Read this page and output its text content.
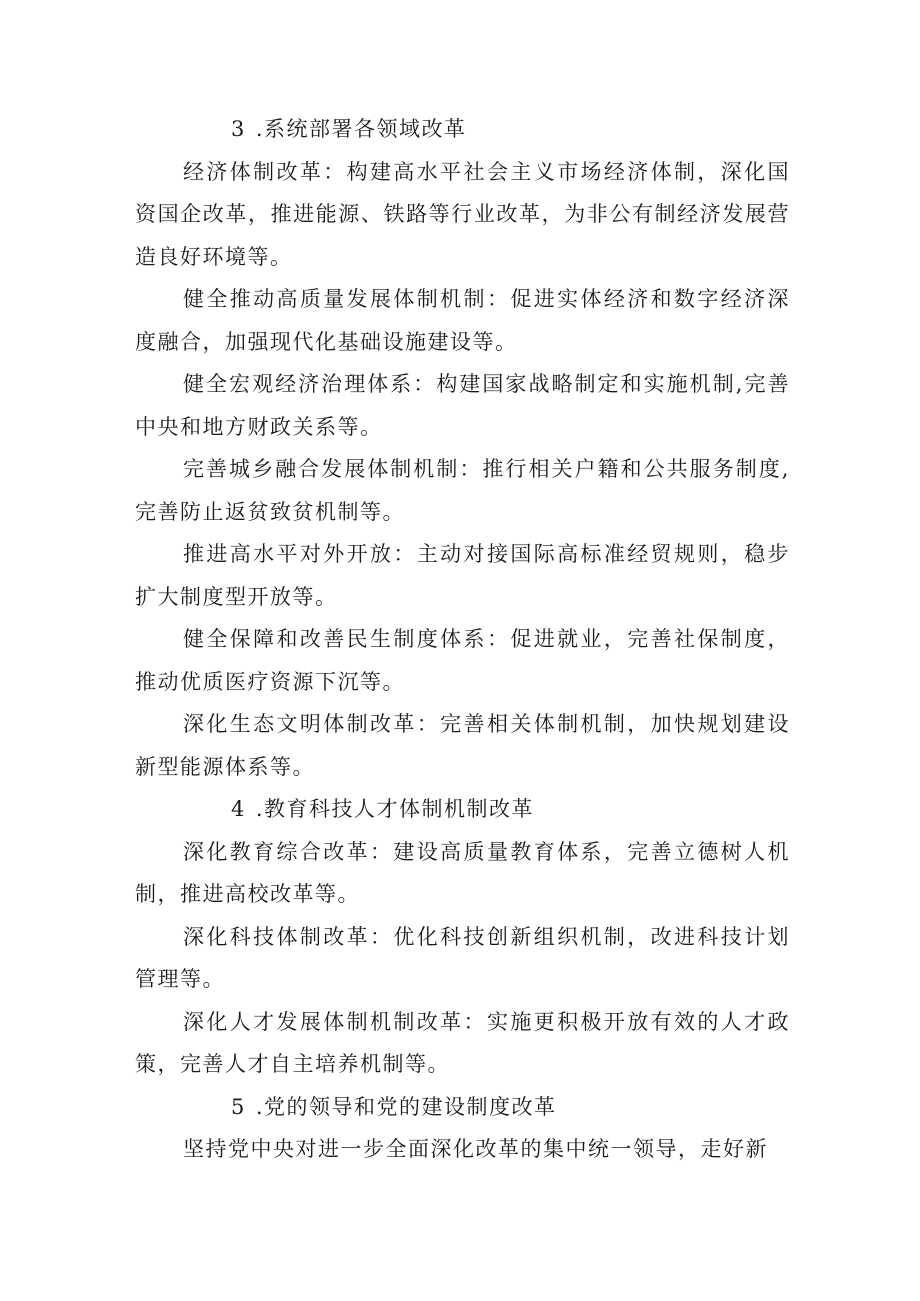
3 .系统部署各领域改革

经济体制改革：构建高水平社会主义市场经济体制，深化国资国企改革，推进能源、铁路等行业改革，为非公有制经济发展营造良好环境等。

健全推动高质量发展体制机制：促进实体经济和数字经济深度融合，加强现代化基础设施建设等。

健全宏观经济治理体系：构建国家战略制定和实施机制,完善中央和地方财政关系等。

完善城乡融合发展体制机制：推行相关户籍和公共服务制度,完善防止返贫致贫机制等。

推进高水平对外开放：主动对接国际高标准经贸规则，稳步扩大制度型开放等。

健全保障和改善民生制度体系：促进就业，完善社保制度，推动优质医疗资源下沉等。

深化生态文明体制改革：完善相关体制机制，加快规划建设新型能源体系等。

4 .教育科技人才体制机制改革

深化教育综合改革：建设高质量教育体系，完善立德树人机制，推进高校改革等。

深化科技体制改革：优化科技创新组织机制，改进科技计划管理等。

深化人才发展体制机制改革：实施更积极开放有效的人才政策，完善人才自主培养机制等。

5 .党的领导和党的建设制度改革

坚持党中央对进一步全面深化改革的集中统一领导，走好新
